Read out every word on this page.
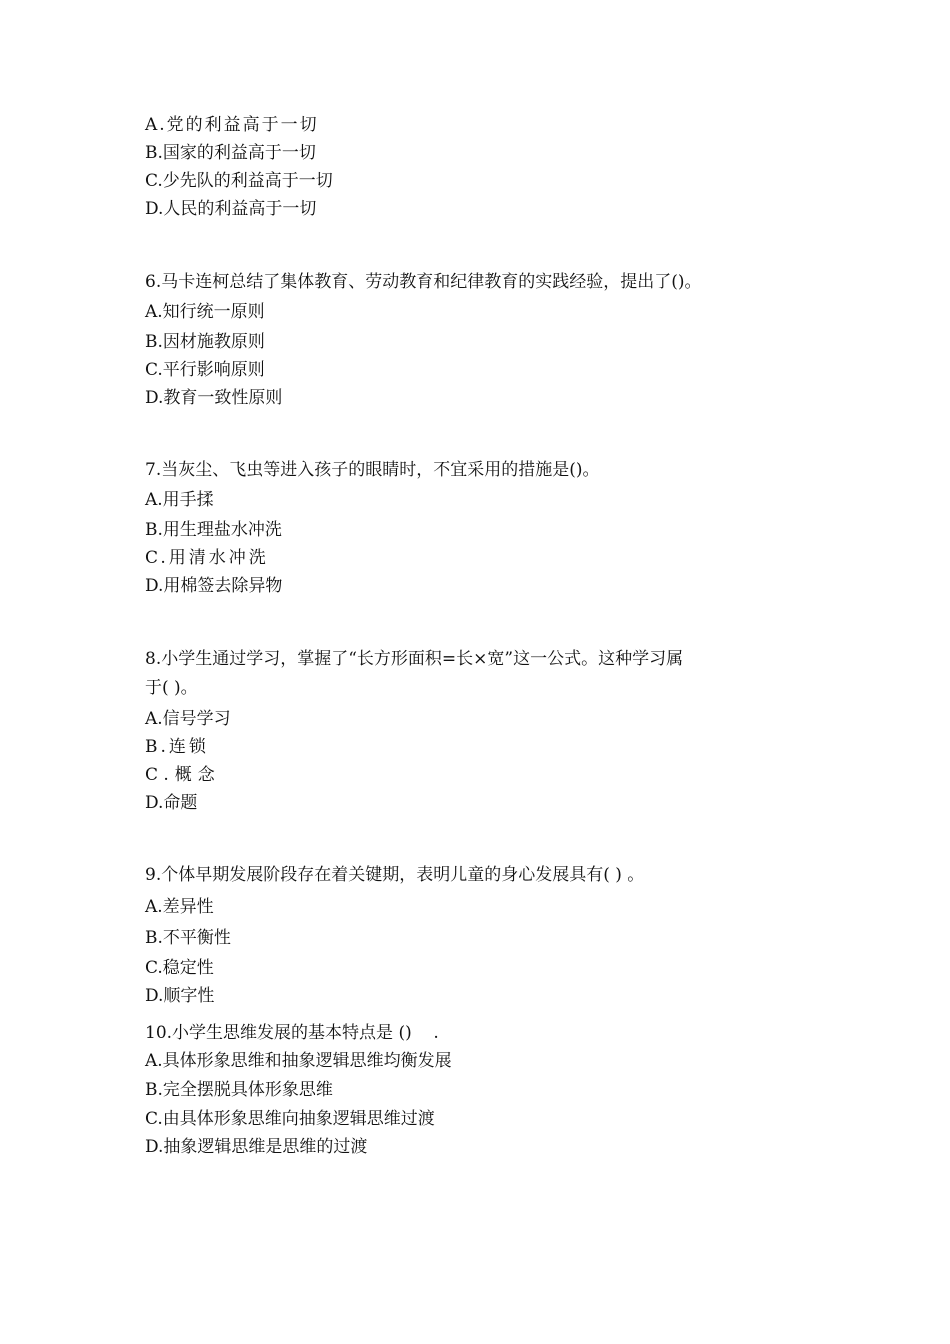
A.党的利益高于一切

B.国家的利益高于一切

C.少先队的利益高于一切

D.人民的利益高于一切

6.马卡连柯总结了集体教育、劳动教育和纪律教育的实践经验，提出了()。

A.知行统一原则

B.因材施教原则

C.平行影响原则

D.教育一致性原则

7.当灰尘、飞虫等进入孩子的眼睛时，不宜采用的措施是()。

A.用手揉

B.用生理盐水冲洗

C.用清水冲洗

D.用棉签去除异物

8.小学生通过学习，掌握了“长方形面积=长×宽”这一公式。这种学习属

于( )。

A.信号学习

B.连锁

C.概念

D.命题

9.个体早期发展阶段存在着关键期，表明儿童的身心发展具有( ) 。

A.差异性

B.不平衡性

C.稳定性

D.顺字性

10.小学生思维发展的基本特点是 ()    .

A.具体形象思维和抽象逻辑思维均衡发展

B.完全摆脱具体形象思维

C.由具体形象思维向抽象逻辑思维过渡

D.抽象逻辑思维是思维的过渡
